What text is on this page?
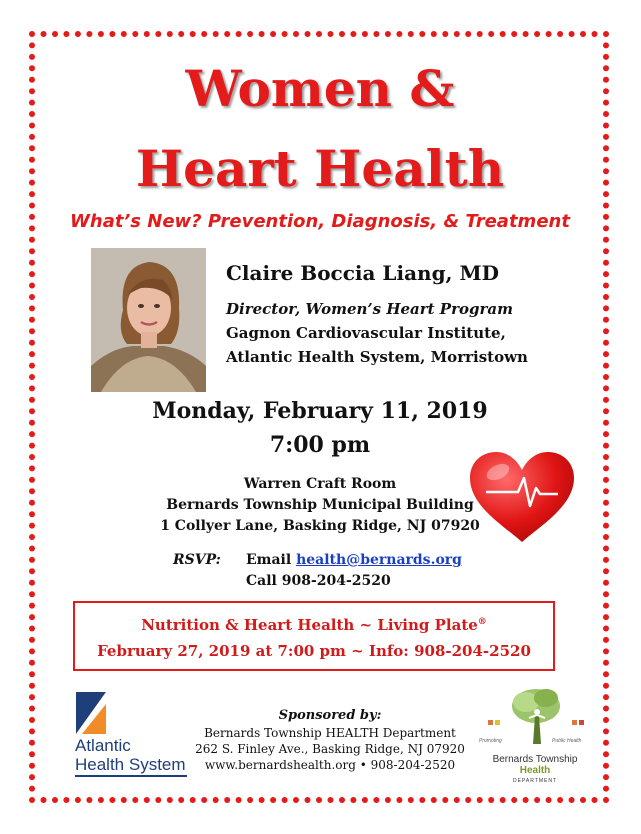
Women &
Heart Health
What’s New? Prevention, Diagnosis, & Treatment
Claire Boccia Liang, MD
Director, Women’s Heart Program
Gagnon Cardiovascular Institute,
Atlantic Health System, Morristown
Monday, February 11, 2019
7:00 pm
Warren Craft Room
Bernards Township Municipal Building
1 Collyer Lane, Basking Ridge, NJ 07920
RSVP: Email health@bernards.org
Call 908-204-2520
Nutrition & Heart Health ~ Living Plate®
February 27, 2019 at 7:00 pm ~ Info: 908-204-2520
Atlantic
Health System
Sponsored by:
Bernards Township HEALTH Department
262 S. Finley Ave., Basking Ridge, NJ 07920
www.bernardshealth.org • 908-204-2520
Promoting	Public Health
Bernards Township
Health
DEPARTMENT
